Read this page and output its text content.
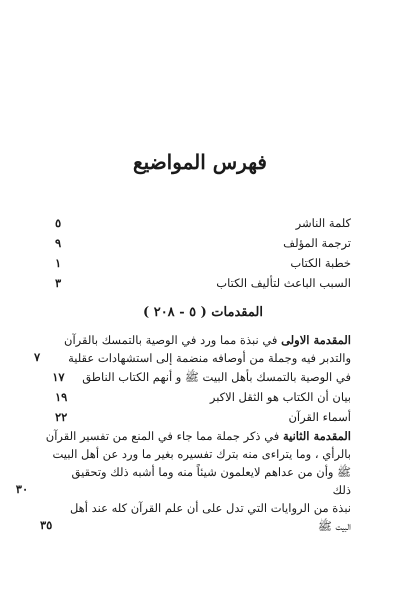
فهرس المواضيع
كلمة الناشر
٥
ترجمة المؤلف
٩
خطبة الكتاب
١
السبب الباعث لتأليف الكتاب
٣
المقدمات ( ٥ - ٢٠٨ )
المقدمة الاولى في نبذة مما ورد في الوصية بالتمسك بالقرآن
والتدبر فيه وجملة من أوصافه منضمة إلى استشهادات عقلية
٧
في الوصية بالتمسك بأهل البيت ﷺ و أنهم الكتاب الناطق
١٧
بيان أن الكتاب هو الثقل الاكبر
١٩
أسماء القرآن
٢٢
المقدمة الثانية في ذكر جملة مما جاء في المنع من تفسير القرآن
بالرأي ، وما يتراءى منه بترك تفسيره بغير ما ورد عن أهل البيت
ﷺ وأن من عداهم لايعلمون شيئاً منه وما أشبه ذلك وتحقيق
ذلك
٣٠
نبذة من الروايات التي تدل على أن علم القرآن كله عند أهل
البيت ﷺ
٣٥
